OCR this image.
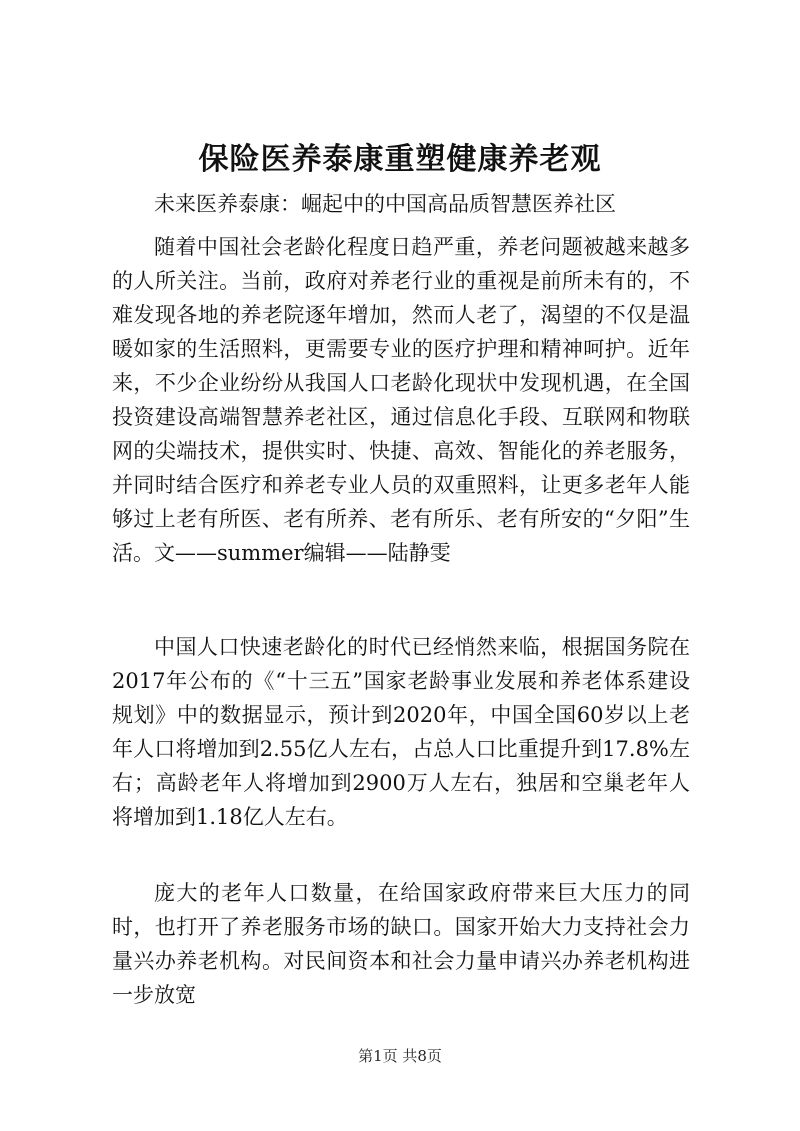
保险医养泰康重塑健康养老观

未来医养泰康：崛起中的中国高品质智慧医养社区

随着中国社会老龄化程度日趋严重，养老问题被越来越多的人所关注。当前，政府对养老行业的重视是前所未有的，不难发现各地的养老院逐年增加，然而人老了，渴望的不仅是温暖如家的生活照料，更需要专业的医疗护理和精神呵护。近年来，不少企业纷纷从我国人口老龄化现状中发现机遇，在全国投资建设高端智慧养老社区，通过信息化手段、互联网和物联网的尖端技术，提供实时、快捷、高效、智能化的养老服务，并同时结合医疗和养老专业人员的双重照料，让更多老年人能够过上老有所医、老有所养、老有所乐、老有所安的“夕阳”生活。文——summer编辑——陆静雯

中国人口快速老龄化的时代已经悄然来临，根据国务院在2017年公布的《“十三五”国家老龄事业发展和养老体系建设规划》中的数据显示，预计到2020年，中国全国60岁以上老年人口将增加到2.55亿人左右，占总人口比重提升到17.8%左右；高龄老年人将增加到2900万人左右，独居和空巢老年人将增加到1.18亿人左右。

庞大的老年人口数量，在给国家政府带来巨大压力的同时，也打开了养老服务市场的缺口。国家开始大力支持社会力量兴办养老机构。对民间资本和社会力量申请兴办养老机构进一步放宽

第1页 共8页
